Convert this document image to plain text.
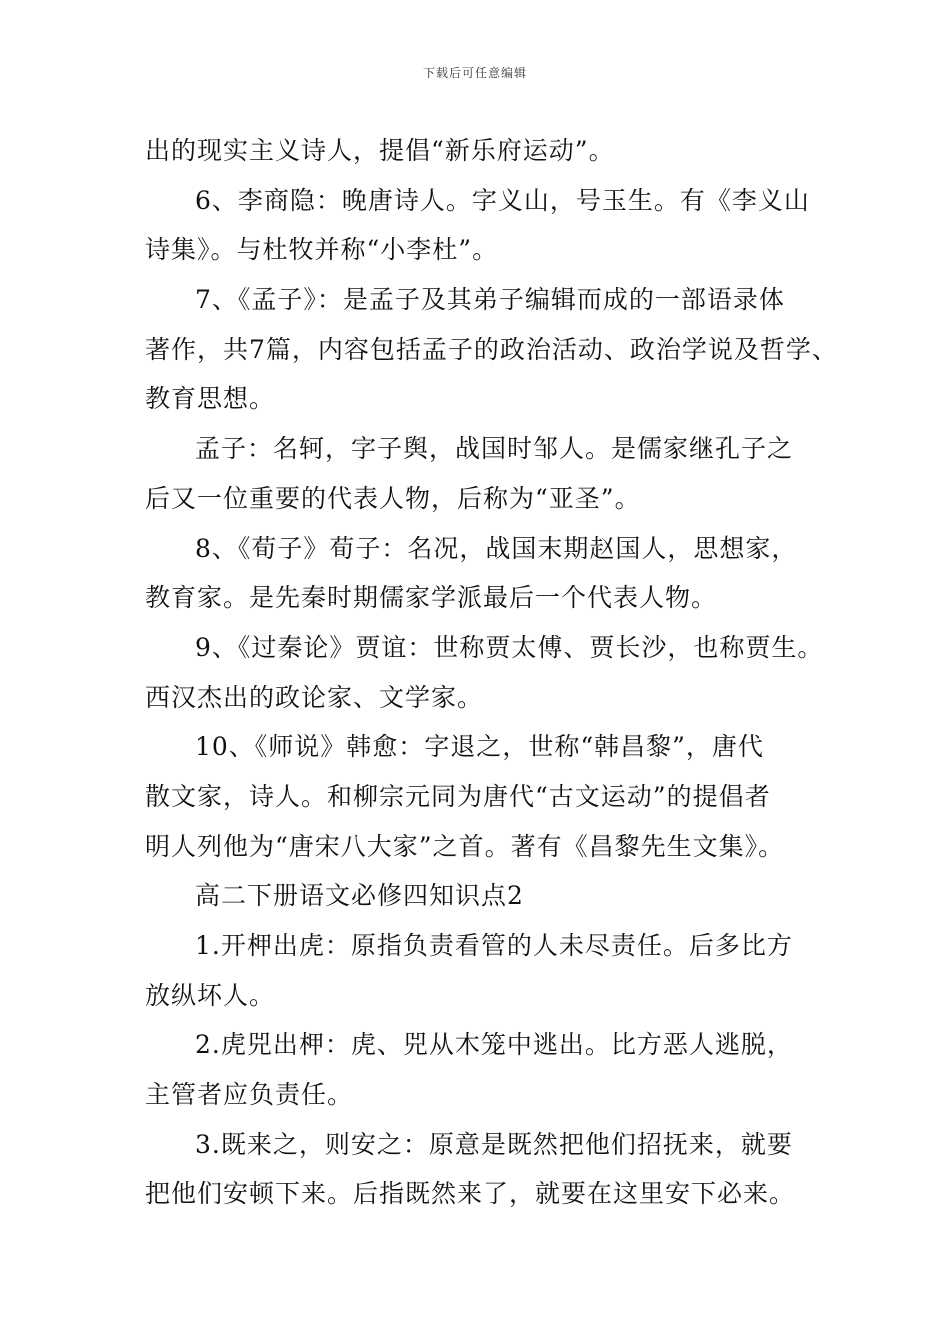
下载后可任意编辑
出的现实主义诗人，提倡“新乐府运动”。
6、李商隐：晚唐诗人。字义山，号玉生。有《李义山
诗集》。与杜牧并称“小李杜”。
7、《孟子》：是孟子及其弟子编辑而成的一部语录体
著作，共7篇，内容包括孟子的政治活动、政治学说及哲学、
教育思想。
孟子：名轲，字子舆，战国时邹人。是儒家继孔子之
后又一位重要的代表人物，后称为“亚圣”。
8、《荀子》荀子：名况，战国末期赵国人，思想家，
教育家。是先秦时期儒家学派最后一个代表人物。
9、《过秦论》贾谊：世称贾太傅、贾长沙，也称贾生。
西汉杰出的政论家、文学家。
10、《师说》韩愈：字退之，世称“韩昌黎”，唐代
散文家，诗人。和柳宗元同为唐代“古文运动”的提倡者
明人列他为“唐宋八大家”之首。著有《昌黎先生文集》。
高二下册语文必修四知识点2
1.开柙出虎：原指负责看管的人未尽责任。后多比方
放纵坏人。
2.虎兕出柙：虎、兕从木笼中逃出。比方恶人逃脱，
主管者应负责任。
3.既来之，则安之：原意是既然把他们招抚来，就要
把他们安顿下来。后指既然来了，就要在这里安下必来。
